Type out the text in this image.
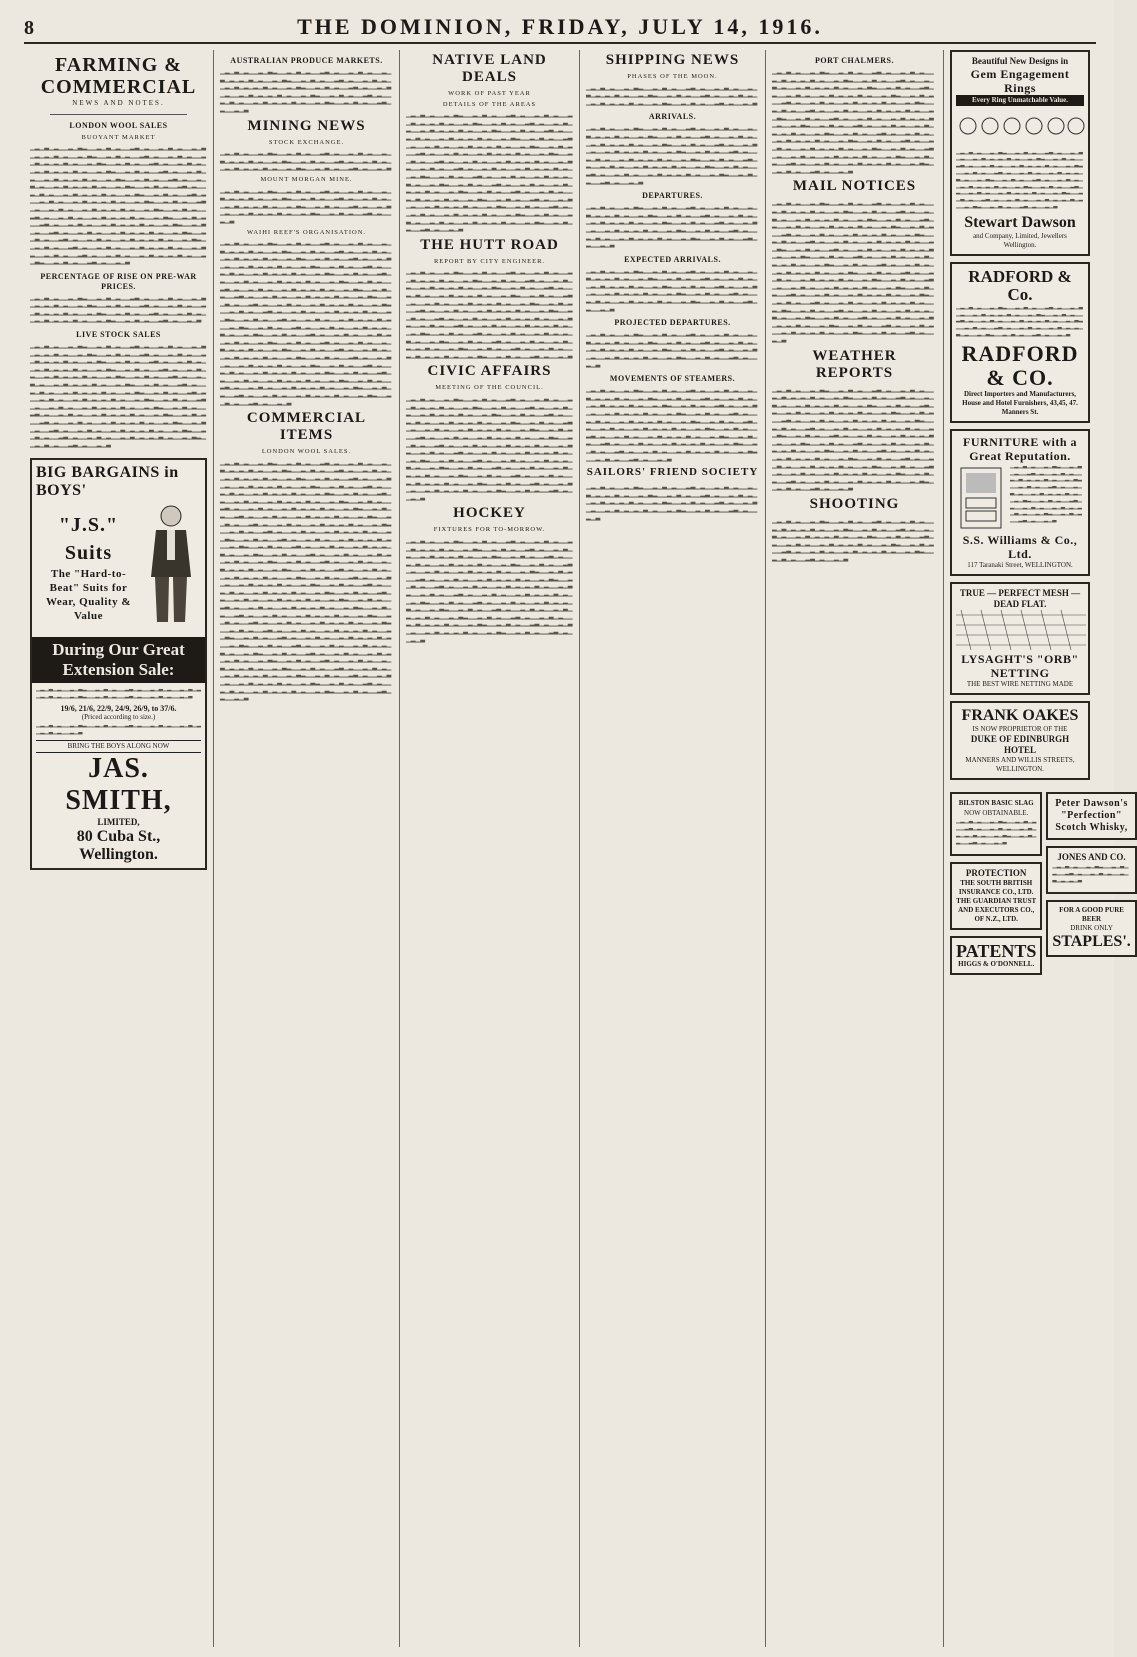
8	THE DOMINION, FRIDAY, JULY 14, 1916.
FARMING & COMMERCIAL
NEWS AND NOTES.
LONDON WOOL SALES
BUOYANT MARKET
▁▂▁▃▁▂▁▁▂▁▃▂▁▁▂▁▃▁▂▁▁▂▃▁▂▁▁▂▁▃▁▂▁▁▂▁▃▁▂▁▂▁▃▁▂▁▁▂▁▃▂▁▁▂▁▃▁▂▁▁▂▃▁▂▁▁▂▁▃▁▂▁▁▂▁▃▁▂▁▂▁▃▁▂▁▁▂▁▃▂▁▁▂▁▃▁▂▁▁▂▃▁▂▁▁▂▁▃▁▂▁▁▂▁▃▁▂▁▂▁▃▁▂▁▁▂▁▃▂▁▁▂▁▃▁▂▁▁▂▃▁▂▁▁▂▁▃▁▂▁▁▂▁▃▁▂▁▂▁▃▁▂▁▁▂▁▃▂▁▁▂▁▃▁▂▁▁▂▃▁▂▁▁▂▁▃▁▂▁▁▂▁▃▁▂▁▂▁▃▁▂▁▁▂▁▃▂▁▁▂▁▃▁▂▁▁▂▃▁▂▁▁▂▁▃▁▂▁▁▂▁▃▁▂▁▂▁▃▁▂▁▁▂▁▃▂▁▁▂▁▃▁▂▁▁▂▃▁▂▁▁▂▁▃▁▂▁▁▂▁▃▁▂▁▂▁▃▁▂▁▁▂▁▃▂▁▁▂▁▃▁▂▁▁▂▃▁▂▁▁▂▁▃▁▂▁▁▂▁▃▁▂▁▂▁▃▁▂▁▁▂▁▃▂▁▁▂▁▃▁▂▁▁▂▃▁▂▁▁▂▁▃▁▂▁▁▂▁▃▁▂▁▂▁▃▁▂▁▁▂▁▃▂▁▁▂▁▃▁▂▁▁▂▃▁▂▁▁▂▁▃▁▂▁▁▂▁▃▁▂▁▂▁▃▁▂▁▁▂▁▃▂▁▁▂▁▃▁▂▁▁▂▃▁▂▁▁▂▁▃▁▂▁▁▂▁▃▁▂▁▂▁▃▁▂▁▁▂▁▃▂▁▁▂▁▃▁▂▁▁▂▃▁▂▁▁▂▁▃▁▂▁▁▂▁▃▁▂▁▂▁▃▁▂▁▁▂▁▃▂▁▁▂▁▃▁▂▁▁▂▃▁▂▁▁▂▁▃▁▂▁▁▂▁▃▁▂▁▂▁▃▁▂▁▁▂▁▃▂▁▁▂▁▃▁▂▁▁▂▃▁▂▁▁▂▁▃▁▂▁▁▂▁▃▁▂▁▂▁▃▁▂▁▁▂▁▃▂▁▁▂▁▃▁▂▁▁▂▃▁▂▁▁▂▁▃
PERCENTAGE OF RISE ON PRE-WAR PRICES.
▁▂▁▃▁▂▁▁▂▁▃▂▁▁▂▁▃▁▂▁▁▂▃▁▂▁▁▂▁▃▁▂▁▁▂▁▃▁▂▁▂▁▃▁▂▁▁▂▁▃▂▁▁▂▁▃▁▂▁▁▂▃▁▂▁▁▂▁▃▁▂▁▁▂▁▃▁▂▁▂▁▃▁▂▁▁▂▁▃▂▁▁▂▁▃▁▂▁▁▂▃▁▂▁▁▂▁▃▁▂▁▁▂▁▃▁▂▁▂▁▃▁▂▁▁▂▁▃▂▁▁▂▁▃▁▂▁▁▂▃▁▂▁▁▂▁▃
LIVE STOCK SALES
▁▂▁▃▁▂▁▁▂▁▃▂▁▁▂▁▃▁▂▁▁▂▃▁▂▁▁▂▁▃▁▂▁▁▂▁▃▁▂▁▂▁▃▁▂▁▁▂▁▃▂▁▁▂▁▃▁▂▁▁▂▃▁▂▁▁▂▁▃▁▂▁▁▂▁▃▁▂▁▂▁▃▁▂▁▁▂▁▃▂▁▁▂▁▃▁▂▁▁▂▃▁▂▁▁▂▁▃▁▂▁▁▂▁▃▁▂▁▂▁▃▁▂▁▁▂▁▃▂▁▁▂▁▃▁▂▁▁▂▃▁▂▁▁▂▁▃▁▂▁▁▂▁▃▁▂▁▂▁▃▁▂▁▁▂▁▃▂▁▁▂▁▃▁▂▁▁▂▃▁▂▁▁▂▁▃▁▂▁▁▂▁▃▁▂▁▂▁▃▁▂▁▁▂▁▃▂▁▁▂▁▃▁▂▁▁▂▃▁▂▁▁▂▁▃▁▂▁▁▂▁▃▁▂▁▂▁▃▁▂▁▁▂▁▃▂▁▁▂▁▃▁▂▁▁▂▃▁▂▁▁▂▁▃▁▂▁▁▂▁▃▁▂▁▂▁▃▁▂▁▁▂▁▃▂▁▁▂▁▃▁▂▁▁▂▃▁▂▁▁▂▁▃▁▂▁▁▂▁▃▁▂▁▂▁▃▁▂▁▁▂▁▃▂▁▁▂▁▃▁▂▁▁▂▃▁▂▁▁▂▁▃▁▂▁▁▂▁▃▁▂▁▂▁▃▁▂▁▁▂▁▃▂▁▁▂▁▃▁▂▁▁▂▃▁▂▁▁▂▁▃▁▂▁▁▂▁▃▁▂▁▂▁▃▁▂▁▁▂▁▃▂▁▁▂▁▃▁▂▁▁▂▃▁▂▁▁▂▁▃▁▂▁▁▂▁▃▁▂▁▂▁▃▁▂▁▁▂▁▃▂▁▁▂▁▃▁▂▁▁▂▃▁▂▁▁▂▁▃▁▂▁▁▂▁▃▁▂▁▂▁▃▁▂▁▁▂▁▃▂▁▁▂▁▃▁▂▁▁▂▃▁▂▁▁▂▁▃
BIG BARGAINS in BOYS'
"J.S." Suits
The "Hard-to-Beat" Suits for Wear, Quality & Value
During Our Great Extension Sale:
▁▂▁▃▁▂▁▁▂▁▃▂▁▁▂▁▃▁▂▁▁▂▃▁▂▁▁▂▁▃▁▂▁▁▂▁▃▁▂▁▂▁▃▁▂▁▁▂▁▃▂▁▁▂▁▃▁▂▁▁▂▃▁▂▁▁▂▁▃▁▂▁▁▂▁▃
19/6, 21/6, 22/9, 24/9, 26/9, to 37/6.
(Priced according to size.)
▁▂▁▃▁▂▁▁▂▁▃▂▁▁▂▁▃▁▂▁▁▂▃▁▂▁▁▂▁▃▁▂▁▁▂▁▃▁▂▁▂▁▃▁▂▁▁▂▁▃
BRING THE BOYS ALONG NOW
JAS. SMITH,
LIMITED,
80 Cuba St., Wellington.
AUSTRALIAN PRODUCE MARKETS.
▁▂▁▃▁▂▁▁▂▁▃▂▁▁▂▁▃▁▂▁▁▂▃▁▂▁▁▂▁▃▁▂▁▁▂▁▃▁▂▁▂▁▃▁▂▁▁▂▁▃▂▁▁▂▁▃▁▂▁▁▂▃▁▂▁▁▂▁▃▁▂▁▁▂▁▃▁▂▁▂▁▃▁▂▁▁▂▁▃▂▁▁▂▁▃▁▂▁▁▂▃▁▂▁▁▂▁▃▁▂▁▁▂▁▃▁▂▁▂▁▃▁▂▁▁▂▁▃▂▁▁▂▁▃▁▂▁▁▂▃▁▂▁▁▂▁▃▁▂▁▁▂▁▃▁▂▁▂▁▃▁▂▁▁▂▁▃▂▁▁▂▁▃▁▂▁▁▂▃▁▂▁▁▂▁▃
MINING NEWS
STOCK EXCHANGE.
▁▂▁▃▁▂▁▁▂▁▃▂▁▁▂▁▃▁▂▁▁▂▃▁▂▁▁▂▁▃▁▂▁▁▂▁▃▁▂▁▂▁▃▁▂▁▁▂▁▃▂▁▁▂▁▃▁▂▁▁▂▃▁▂▁▁▂▁▃▁▂▁▁▂▁▃▁▂▁▂▁▃▁▂▁▁▂▁▃▂▁▁▂▁▃▁▂▁▁▂▃▁▂▁▁▂▁▃
MOUNT MORGAN MINE.
▁▂▁▃▁▂▁▁▂▁▃▂▁▁▂▁▃▁▂▁▁▂▃▁▂▁▁▂▁▃▁▂▁▁▂▁▃▁▂▁▂▁▃▁▂▁▁▂▁▃▂▁▁▂▁▃▁▂▁▁▂▃▁▂▁▁▂▁▃▁▂▁▁▂▁▃▁▂▁▂▁▃▁▂▁▁▂▁▃▂▁▁▂▁▃▁▂▁▁▂▃▁▂▁▁▂▁▃▁▂▁▁▂▁▃▁▂▁▂▁▃▁▂▁▁▂▁▃▂▁▁▂▁▃▁▂▁▁▂▃▁▂▁▁▂▁▃
WAIHI REEF'S ORGANISATION.
▁▂▁▃▁▂▁▁▂▁▃▂▁▁▂▁▃▁▂▁▁▂▃▁▂▁▁▂▁▃▁▂▁▁▂▁▃▁▂▁▂▁▃▁▂▁▁▂▁▃▂▁▁▂▁▃▁▂▁▁▂▃▁▂▁▁▂▁▃▁▂▁▁▂▁▃▁▂▁▂▁▃▁▂▁▁▂▁▃▂▁▁▂▁▃▁▂▁▁▂▃▁▂▁▁▂▁▃▁▂▁▁▂▁▃▁▂▁▂▁▃▁▂▁▁▂▁▃▂▁▁▂▁▃▁▂▁▁▂▃▁▂▁▁▂▁▃▁▂▁▁▂▁▃▁▂▁▂▁▃▁▂▁▁▂▁▃▂▁▁▂▁▃▁▂▁▁▂▃▁▂▁▁▂▁▃▁▂▁▁▂▁▃▁▂▁▂▁▃▁▂▁▁▂▁▃▂▁▁▂▁▃▁▂▁▁▂▃▁▂▁▁▂▁▃▁▂▁▁▂▁▃▁▂▁▂▁▃▁▂▁▁▂▁▃▂▁▁▂▁▃▁▂▁▁▂▃▁▂▁▁▂▁▃▁▂▁▁▂▁▃▁▂▁▂▁▃▁▂▁▁▂▁▃▂▁▁▂▁▃▁▂▁▁▂▃▁▂▁▁▂▁▃▁▂▁▁▂▁▃▁▂▁▂▁▃▁▂▁▁▂▁▃▂▁▁▂▁▃▁▂▁▁▂▃▁▂▁▁▂▁▃▁▂▁▁▂▁▃▁▂▁▂▁▃▁▂▁▁▂▁▃▂▁▁▂▁▃▁▂▁▁▂▃▁▂▁▁▂▁▃▁▂▁▁▂▁▃▁▂▁▂▁▃▁▂▁▁▂▁▃▂▁▁▂▁▃▁▂▁▁▂▃▁▂▁▁▂▁▃▁▂▁▁▂▁▃▁▂▁▂▁▃▁▂▁▁▂▁▃▂▁▁▂▁▃▁▂▁▁▂▃▁▂▁▁▂▁▃▁▂▁▁▂▁▃▁▂▁▂▁▃▁▂▁▁▂▁▃▂▁▁▂▁▃▁▂▁▁▂▃▁▂▁▁▂▁▃▁▂▁▁▂▁▃▁▂▁▂▁▃▁▂▁▁▂▁▃▂▁▁▂▁▃▁▂▁▁▂▃▁▂▁▁▂▁▃▁▂▁▁▂▁▃▁▂▁▂▁▃▁▂▁▁▂▁▃▂▁▁▂▁▃▁▂▁▁▂▃▁▂▁▁▂▁▃▁▂▁▁▂▁▃▁▂▁▂▁▃▁▂▁▁▂▁▃▂▁▁▂▁▃▁▂▁▁▂▃▁▂▁▁▂▁▃▁▂▁▁▂▁▃▁▂▁▂▁▃▁▂▁▁▂▁▃▂▁▁▂▁▃▁▂▁▁▂▃▁▂▁▁▂▁▃▁▂▁▁▂▁▃▁▂▁▂▁▃▁▂▁▁▂▁▃▂▁▁▂▁▃▁▂▁▁▂▃▁▂▁▁▂▁▃▁▂▁▁▂▁▃▁▂▁▂▁▃▁▂▁▁▂▁▃▂▁▁▂▁▃▁▂▁▁▂▃▁▂▁▁▂▁▃▁▂▁▁▂▁▃▁▂▁▂▁▃▁▂▁▁▂▁▃▂▁▁▂▁▃▁▂▁▁▂▃▁▂▁▁▂▁▃
COMMERCIAL ITEMS
LONDON WOOL SALES.
▁▂▁▃▁▂▁▁▂▁▃▂▁▁▂▁▃▁▂▁▁▂▃▁▂▁▁▂▁▃▁▂▁▁▂▁▃▁▂▁▂▁▃▁▂▁▁▂▁▃▂▁▁▂▁▃▁▂▁▁▂▃▁▂▁▁▂▁▃▁▂▁▁▂▁▃▁▂▁▂▁▃▁▂▁▁▂▁▃▂▁▁▂▁▃▁▂▁▁▂▃▁▂▁▁▂▁▃▁▂▁▁▂▁▃▁▂▁▂▁▃▁▂▁▁▂▁▃▂▁▁▂▁▃▁▂▁▁▂▃▁▂▁▁▂▁▃▁▂▁▁▂▁▃▁▂▁▂▁▃▁▂▁▁▂▁▃▂▁▁▂▁▃▁▂▁▁▂▃▁▂▁▁▂▁▃▁▂▁▁▂▁▃▁▂▁▂▁▃▁▂▁▁▂▁▃▂▁▁▂▁▃▁▂▁▁▂▃▁▂▁▁▂▁▃▁▂▁▁▂▁▃▁▂▁▂▁▃▁▂▁▁▂▁▃▂▁▁▂▁▃▁▂▁▁▂▃▁▂▁▁▂▁▃▁▂▁▁▂▁▃▁▂▁▂▁▃▁▂▁▁▂▁▃▂▁▁▂▁▃▁▂▁▁▂▃▁▂▁▁▂▁▃▁▂▁▁▂▁▃▁▂▁▂▁▃▁▂▁▁▂▁▃▂▁▁▂▁▃▁▂▁▁▂▃▁▂▁▁▂▁▃▁▂▁▁▂▁▃▁▂▁▂▁▃▁▂▁▁▂▁▃▂▁▁▂▁▃▁▂▁▁▂▃▁▂▁▁▂▁▃▁▂▁▁▂▁▃▁▂▁▂▁▃▁▂▁▁▂▁▃▂▁▁▂▁▃▁▂▁▁▂▃▁▂▁▁▂▁▃▁▂▁▁▂▁▃▁▂▁▂▁▃▁▂▁▁▂▁▃▂▁▁▂▁▃▁▂▁▁▂▃▁▂▁▁▂▁▃▁▂▁▁▂▁▃▁▂▁▂▁▃▁▂▁▁▂▁▃▂▁▁▂▁▃▁▂▁▁▂▃▁▂▁▁▂▁▃▁▂▁▁▂▁▃▁▂▁▂▁▃▁▂▁▁▂▁▃▂▁▁▂▁▃▁▂▁▁▂▃▁▂▁▁▂▁▃▁▂▁▁▂▁▃▁▂▁▂▁▃▁▂▁▁▂▁▃▂▁▁▂▁▃▁▂▁▁▂▃▁▂▁▁▂▁▃▁▂▁▁▂▁▃▁▂▁▂▁▃▁▂▁▁▂▁▃▂▁▁▂▁▃▁▂▁▁▂▃▁▂▁▁▂▁▃▁▂▁▁▂▁▃▁▂▁▂▁▃▁▂▁▁▂▁▃▂▁▁▂▁▃▁▂▁▁▂▃▁▂▁▁▂▁▃▁▂▁▁▂▁▃▁▂▁▂▁▃▁▂▁▁▂▁▃▂▁▁▂▁▃▁▂▁▁▂▃▁▂▁▁▂▁▃▁▂▁▁▂▁▃▁▂▁▂▁▃▁▂▁▁▂▁▃▂▁▁▂▁▃▁▂▁▁▂▃▁▂▁▁▂▁▃▁▂▁▁▂▁▃▁▂▁▂▁▃▁▂▁▁▂▁▃▂▁▁▂▁▃▁▂▁▁▂▃▁▂▁▁▂▁▃▁▂▁▁▂▁▃▁▂▁▂▁▃▁▂▁▁▂▁▃▂▁▁▂▁▃▁▂▁▁▂▃▁▂▁▁▂▁▃▁▂▁▁▂▁▃▁▂▁▂▁▃▁▂▁▁▂▁▃▂▁▁▂▁▃▁▂▁▁▂▃▁▂▁▁▂▁▃▁▂▁▁▂▁▃▁▂▁▂▁▃▁▂▁▁▂▁▃▂▁▁▂▁▃▁▂▁▁▂▃▁▂▁▁▂▁▃▁▂▁▁▂▁▃▁▂▁▂▁▃▁▂▁▁▂▁▃▂▁▁▂▁▃▁▂▁▁▂▃▁▂▁▁▂▁▃▁▂▁▁▂▁▃▁▂▁▂▁▃▁▂▁▁▂▁▃▂▁▁▂▁▃▁▂▁▁▂▃▁▂▁▁▂▁▃▁▂▁▁▂▁▃▁▂▁▂▁▃▁▂▁▁▂▁▃▂▁▁▂▁▃▁▂▁▁▂▃▁▂▁▁▂▁▃▁▂▁▁▂▁▃▁▂▁▂▁▃▁▂▁▁▂▁▃▂▁▁▂▁▃▁▂▁▁▂▃▁▂▁▁▂▁▃▁▂▁▁▂▁▃▁▂▁▂▁▃▁▂▁▁▂▁▃▂▁▁▂▁▃▁▂▁▁▂▃▁▂▁▁▂▁▃▁▂▁▁▂▁▃▁▂▁▂▁▃▁▂▁▁▂▁▃▂▁▁▂▁▃▁▂▁▁▂▃▁▂▁▁▂▁▃
NATIVE LAND DEALS
WORK OF PAST YEAR
DETAILS OF THE AREAS
▁▂▁▃▁▂▁▁▂▁▃▂▁▁▂▁▃▁▂▁▁▂▃▁▂▁▁▂▁▃▁▂▁▁▂▁▃▁▂▁▂▁▃▁▂▁▁▂▁▃▂▁▁▂▁▃▁▂▁▁▂▃▁▂▁▁▂▁▃▁▂▁▁▂▁▃▁▂▁▂▁▃▁▂▁▁▂▁▃▂▁▁▂▁▃▁▂▁▁▂▃▁▂▁▁▂▁▃▁▂▁▁▂▁▃▁▂▁▂▁▃▁▂▁▁▂▁▃▂▁▁▂▁▃▁▂▁▁▂▃▁▂▁▁▂▁▃▁▂▁▁▂▁▃▁▂▁▂▁▃▁▂▁▁▂▁▃▂▁▁▂▁▃▁▂▁▁▂▃▁▂▁▁▂▁▃▁▂▁▁▂▁▃▁▂▁▂▁▃▁▂▁▁▂▁▃▂▁▁▂▁▃▁▂▁▁▂▃▁▂▁▁▂▁▃▁▂▁▁▂▁▃▁▂▁▂▁▃▁▂▁▁▂▁▃▂▁▁▂▁▃▁▂▁▁▂▃▁▂▁▁▂▁▃▁▂▁▁▂▁▃▁▂▁▂▁▃▁▂▁▁▂▁▃▂▁▁▂▁▃▁▂▁▁▂▃▁▂▁▁▂▁▃▁▂▁▁▂▁▃▁▂▁▂▁▃▁▂▁▁▂▁▃▂▁▁▂▁▃▁▂▁▁▂▃▁▂▁▁▂▁▃▁▂▁▁▂▁▃▁▂▁▂▁▃▁▂▁▁▂▁▃▂▁▁▂▁▃▁▂▁▁▂▃▁▂▁▁▂▁▃▁▂▁▁▂▁▃▁▂▁▂▁▃▁▂▁▁▂▁▃▂▁▁▂▁▃▁▂▁▁▂▃▁▂▁▁▂▁▃▁▂▁▁▂▁▃▁▂▁▂▁▃▁▂▁▁▂▁▃▂▁▁▂▁▃▁▂▁▁▂▃▁▂▁▁▂▁▃▁▂▁▁▂▁▃▁▂▁▂▁▃▁▂▁▁▂▁▃▂▁▁▂▁▃▁▂▁▁▂▃▁▂▁▁▂▁▃▁▂▁▁▂▁▃▁▂▁▂▁▃▁▂▁▁▂▁▃▂▁▁▂▁▃▁▂▁▁▂▃▁▂▁▁▂▁▃
THE HUTT ROAD
REPORT BY CITY ENGINEER.
▁▂▁▃▁▂▁▁▂▁▃▂▁▁▂▁▃▁▂▁▁▂▃▁▂▁▁▂▁▃▁▂▁▁▂▁▃▁▂▁▂▁▃▁▂▁▁▂▁▃▂▁▁▂▁▃▁▂▁▁▂▃▁▂▁▁▂▁▃▁▂▁▁▂▁▃▁▂▁▂▁▃▁▂▁▁▂▁▃▂▁▁▂▁▃▁▂▁▁▂▃▁▂▁▁▂▁▃▁▂▁▁▂▁▃▁▂▁▂▁▃▁▂▁▁▂▁▃▂▁▁▂▁▃▁▂▁▁▂▃▁▂▁▁▂▁▃▁▂▁▁▂▁▃▁▂▁▂▁▃▁▂▁▁▂▁▃▂▁▁▂▁▃▁▂▁▁▂▃▁▂▁▁▂▁▃▁▂▁▁▂▁▃▁▂▁▂▁▃▁▂▁▁▂▁▃▂▁▁▂▁▃▁▂▁▁▂▃▁▂▁▁▂▁▃▁▂▁▁▂▁▃▁▂▁▂▁▃▁▂▁▁▂▁▃▂▁▁▂▁▃▁▂▁▁▂▃▁▂▁▁▂▁▃▁▂▁▁▂▁▃▁▂▁▂▁▃▁▂▁▁▂▁▃▂▁▁▂▁▃▁▂▁▁▂▃▁▂▁▁▂▁▃▁▂▁▁▂▁▃▁▂▁▂▁▃▁▂▁▁▂▁▃▂▁▁▂▁▃▁▂▁▁▂▃▁▂▁▁▂▁▃▁▂▁▁▂▁▃▁▂▁▂▁▃▁▂▁▁▂▁▃▂▁▁▂▁▃▁▂▁▁▂▃▁▂▁▁▂▁▃▁▂▁▁▂▁▃▁▂▁▂▁▃▁▂▁▁▂▁▃▂▁▁▂▁▃▁▂▁▁▂▃▁▂▁▁▂▁▃
CIVIC AFFAIRS
MEETING OF THE COUNCIL.
▁▂▁▃▁▂▁▁▂▁▃▂▁▁▂▁▃▁▂▁▁▂▃▁▂▁▁▂▁▃▁▂▁▁▂▁▃▁▂▁▂▁▃▁▂▁▁▂▁▃▂▁▁▂▁▃▁▂▁▁▂▃▁▂▁▁▂▁▃▁▂▁▁▂▁▃▁▂▁▂▁▃▁▂▁▁▂▁▃▂▁▁▂▁▃▁▂▁▁▂▃▁▂▁▁▂▁▃▁▂▁▁▂▁▃▁▂▁▂▁▃▁▂▁▁▂▁▃▂▁▁▂▁▃▁▂▁▁▂▃▁▂▁▁▂▁▃▁▂▁▁▂▁▃▁▂▁▂▁▃▁▂▁▁▂▁▃▂▁▁▂▁▃▁▂▁▁▂▃▁▂▁▁▂▁▃▁▂▁▁▂▁▃▁▂▁▂▁▃▁▂▁▁▂▁▃▂▁▁▂▁▃▁▂▁▁▂▃▁▂▁▁▂▁▃▁▂▁▁▂▁▃▁▂▁▂▁▃▁▂▁▁▂▁▃▂▁▁▂▁▃▁▂▁▁▂▃▁▂▁▁▂▁▃▁▂▁▁▂▁▃▁▂▁▂▁▃▁▂▁▁▂▁▃▂▁▁▂▁▃▁▂▁▁▂▃▁▂▁▁▂▁▃▁▂▁▁▂▁▃▁▂▁▂▁▃▁▂▁▁▂▁▃▂▁▁▂▁▃▁▂▁▁▂▃▁▂▁▁▂▁▃▁▂▁▁▂▁▃▁▂▁▂▁▃▁▂▁▁▂▁▃▂▁▁▂▁▃▁▂▁▁▂▃▁▂▁▁▂▁▃▁▂▁▁▂▁▃▁▂▁▂▁▃▁▂▁▁▂▁▃▂▁▁▂▁▃▁▂▁▁▂▃▁▂▁▁▂▁▃▁▂▁▁▂▁▃▁▂▁▂▁▃▁▂▁▁▂▁▃▂▁▁▂▁▃▁▂▁▁▂▃▁▂▁▁▂▁▃
HOCKEY
FIXTURES FOR TO-MORROW.
▁▂▁▃▁▂▁▁▂▁▃▂▁▁▂▁▃▁▂▁▁▂▃▁▂▁▁▂▁▃▁▂▁▁▂▁▃▁▂▁▂▁▃▁▂▁▁▂▁▃▂▁▁▂▁▃▁▂▁▁▂▃▁▂▁▁▂▁▃▁▂▁▁▂▁▃▁▂▁▂▁▃▁▂▁▁▂▁▃▂▁▁▂▁▃▁▂▁▁▂▃▁▂▁▁▂▁▃▁▂▁▁▂▁▃▁▂▁▂▁▃▁▂▁▁▂▁▃▂▁▁▂▁▃▁▂▁▁▂▃▁▂▁▁▂▁▃▁▂▁▁▂▁▃▁▂▁▂▁▃▁▂▁▁▂▁▃▂▁▁▂▁▃▁▂▁▁▂▃▁▂▁▁▂▁▃▁▂▁▁▂▁▃▁▂▁▂▁▃▁▂▁▁▂▁▃▂▁▁▂▁▃▁▂▁▁▂▃▁▂▁▁▂▁▃▁▂▁▁▂▁▃▁▂▁▂▁▃▁▂▁▁▂▁▃▂▁▁▂▁▃▁▂▁▁▂▃▁▂▁▁▂▁▃▁▂▁▁▂▁▃▁▂▁▂▁▃▁▂▁▁▂▁▃▂▁▁▂▁▃▁▂▁▁▂▃▁▂▁▁▂▁▃▁▂▁▁▂▁▃▁▂▁▂▁▃▁▂▁▁▂▁▃▂▁▁▂▁▃▁▂▁▁▂▃▁▂▁▁▂▁▃▁▂▁▁▂▁▃▁▂▁▂▁▃▁▂▁▁▂▁▃▂▁▁▂▁▃▁▂▁▁▂▃▁▂▁▁▂▁▃▁▂▁▁▂▁▃▁▂▁▂▁▃▁▂▁▁▂▁▃▂▁▁▂▁▃▁▂▁▁▂▃▁▂▁▁▂▁▃▁▂▁▁▂▁▃▁▂▁▂▁▃▁▂▁▁▂▁▃▂▁▁▂▁▃▁▂▁▁▂▃▁▂▁▁▂▁▃
SHIPPING NEWS
PHASES OF THE MOON.
▁▂▁▃▁▂▁▁▂▁▃▂▁▁▂▁▃▁▂▁▁▂▃▁▂▁▁▂▁▃▁▂▁▁▂▁▃▁▂▁▂▁▃▁▂▁▁▂▁▃▂▁▁▂▁▃▁▂▁▁▂▃▁▂▁▁▂▁▃▁▂▁▁▂▁▃▁▂▁▂▁▃▁▂▁▁▂▁▃▂▁▁▂▁▃▁▂▁▁▂▃▁▂▁▁▂▁▃
ARRIVALS.
▁▂▁▃▁▂▁▁▂▁▃▂▁▁▂▁▃▁▂▁▁▂▃▁▂▁▁▂▁▃▁▂▁▁▂▁▃▁▂▁▂▁▃▁▂▁▁▂▁▃▂▁▁▂▁▃▁▂▁▁▂▃▁▂▁▁▂▁▃▁▂▁▁▂▁▃▁▂▁▂▁▃▁▂▁▁▂▁▃▂▁▁▂▁▃▁▂▁▁▂▃▁▂▁▁▂▁▃▁▂▁▁▂▁▃▁▂▁▂▁▃▁▂▁▁▂▁▃▂▁▁▂▁▃▁▂▁▁▂▃▁▂▁▁▂▁▃▁▂▁▁▂▁▃▁▂▁▂▁▃▁▂▁▁▂▁▃▂▁▁▂▁▃▁▂▁▁▂▃▁▂▁▁▂▁▃▁▂▁▁▂▁▃▁▂▁▂▁▃▁▂▁▁▂▁▃▂▁▁▂▁▃▁▂▁▁▂▃▁▂▁▁▂▁▃▁▂▁▁▂▁▃▁▂▁▂▁▃▁▂▁▁▂▁▃▂▁▁▂▁▃▁▂▁▁▂▃▁▂▁▁▂▁▃
DEPARTURES.
▁▂▁▃▁▂▁▁▂▁▃▂▁▁▂▁▃▁▂▁▁▂▃▁▂▁▁▂▁▃▁▂▁▁▂▁▃▁▂▁▂▁▃▁▂▁▁▂▁▃▂▁▁▂▁▃▁▂▁▁▂▃▁▂▁▁▂▁▃▁▂▁▁▂▁▃▁▂▁▂▁▃▁▂▁▁▂▁▃▂▁▁▂▁▃▁▂▁▁▂▃▁▂▁▁▂▁▃▁▂▁▁▂▁▃▁▂▁▂▁▃▁▂▁▁▂▁▃▂▁▁▂▁▃▁▂▁▁▂▃▁▂▁▁▂▁▃▁▂▁▁▂▁▃▁▂▁▂▁▃▁▂▁▁▂▁▃▂▁▁▂▁▃▁▂▁▁▂▃▁▂▁▁▂▁▃
EXPECTED ARRIVALS.
▁▂▁▃▁▂▁▁▂▁▃▂▁▁▂▁▃▁▂▁▁▂▃▁▂▁▁▂▁▃▁▂▁▁▂▁▃▁▂▁▂▁▃▁▂▁▁▂▁▃▂▁▁▂▁▃▁▂▁▁▂▃▁▂▁▁▂▁▃▁▂▁▁▂▁▃▁▂▁▂▁▃▁▂▁▁▂▁▃▂▁▁▂▁▃▁▂▁▁▂▃▁▂▁▁▂▁▃▁▂▁▁▂▁▃▁▂▁▂▁▃▁▂▁▁▂▁▃▂▁▁▂▁▃▁▂▁▁▂▃▁▂▁▁▂▁▃▁▂▁▁▂▁▃▁▂▁▂▁▃▁▂▁▁▂▁▃▂▁▁▂▁▃▁▂▁▁▂▃▁▂▁▁▂▁▃
PROJECTED DEPARTURES.
▁▂▁▃▁▂▁▁▂▁▃▂▁▁▂▁▃▁▂▁▁▂▃▁▂▁▁▂▁▃▁▂▁▁▂▁▃▁▂▁▂▁▃▁▂▁▁▂▁▃▂▁▁▂▁▃▁▂▁▁▂▃▁▂▁▁▂▁▃▁▂▁▁▂▁▃▁▂▁▂▁▃▁▂▁▁▂▁▃▂▁▁▂▁▃▁▂▁▁▂▃▁▂▁▁▂▁▃▁▂▁▁▂▁▃▁▂▁▂▁▃▁▂▁▁▂▁▃▂▁▁▂▁▃▁▂▁▁▂▃▁▂▁▁▂▁▃
MOVEMENTS OF STEAMERS.
▁▂▁▃▁▂▁▁▂▁▃▂▁▁▂▁▃▁▂▁▁▂▃▁▂▁▁▂▁▃▁▂▁▁▂▁▃▁▂▁▂▁▃▁▂▁▁▂▁▃▂▁▁▂▁▃▁▂▁▁▂▃▁▂▁▁▂▁▃▁▂▁▁▂▁▃▁▂▁▂▁▃▁▂▁▁▂▁▃▂▁▁▂▁▃▁▂▁▁▂▃▁▂▁▁▂▁▃▁▂▁▁▂▁▃▁▂▁▂▁▃▁▂▁▁▂▁▃▂▁▁▂▁▃▁▂▁▁▂▃▁▂▁▁▂▁▃▁▂▁▁▂▁▃▁▂▁▂▁▃▁▂▁▁▂▁▃▂▁▁▂▁▃▁▂▁▁▂▃▁▂▁▁▂▁▃▁▂▁▁▂▁▃▁▂▁▂▁▃▁▂▁▁▂▁▃▂▁▁▂▁▃▁▂▁▁▂▃▁▂▁▁▂▁▃▁▂▁▁▂▁▃▁▂▁▂▁▃▁▂▁▁▂▁▃▂▁▁▂▁▃▁▂▁▁▂▃▁▂▁▁▂▁▃▁▂▁▁▂▁▃▁▂▁▂▁▃▁▂▁▁▂▁▃▂▁▁▂▁▃▁▂▁▁▂▃▁▂▁▁▂▁▃▁▂▁▁▂▁▃▁▂▁▂▁▃▁▂▁▁▂▁▃▂▁▁▂▁▃▁▂▁▁▂▃▁▂▁▁▂▁▃
SAILORS' FRIEND SOCIETY
▁▂▁▃▁▂▁▁▂▁▃▂▁▁▂▁▃▁▂▁▁▂▃▁▂▁▁▂▁▃▁▂▁▁▂▁▃▁▂▁▂▁▃▁▂▁▁▂▁▃▂▁▁▂▁▃▁▂▁▁▂▃▁▂▁▁▂▁▃▁▂▁▁▂▁▃▁▂▁▂▁▃▁▂▁▁▂▁▃▂▁▁▂▁▃▁▂▁▁▂▃▁▂▁▁▂▁▃▁▂▁▁▂▁▃▁▂▁▂▁▃▁▂▁▁▂▁▃▂▁▁▂▁▃▁▂▁▁▂▃▁▂▁▁▂▁▃
PORT CHALMERS.
▁▂▁▃▁▂▁▁▂▁▃▂▁▁▂▁▃▁▂▁▁▂▃▁▂▁▁▂▁▃▁▂▁▁▂▁▃▁▂▁▂▁▃▁▂▁▁▂▁▃▂▁▁▂▁▃▁▂▁▁▂▃▁▂▁▁▂▁▃▁▂▁▁▂▁▃▁▂▁▂▁▃▁▂▁▁▂▁▃▂▁▁▂▁▃▁▂▁▁▂▃▁▂▁▁▂▁▃▁▂▁▁▂▁▃▁▂▁▂▁▃▁▂▁▁▂▁▃▂▁▁▂▁▃▁▂▁▁▂▃▁▂▁▁▂▁▃▁▂▁▁▂▁▃▁▂▁▂▁▃▁▂▁▁▂▁▃▂▁▁▂▁▃▁▂▁▁▂▃▁▂▁▁▂▁▃▁▂▁▁▂▁▃▁▂▁▂▁▃▁▂▁▁▂▁▃▂▁▁▂▁▃▁▂▁▁▂▃▁▂▁▁▂▁▃▁▂▁▁▂▁▃▁▂▁▂▁▃▁▂▁▁▂▁▃▂▁▁▂▁▃▁▂▁▁▂▃▁▂▁▁▂▁▃▁▂▁▁▂▁▃▁▂▁▂▁▃▁▂▁▁▂▁▃▂▁▁▂▁▃▁▂▁▁▂▃▁▂▁▁▂▁▃▁▂▁▁▂▁▃▁▂▁▂▁▃▁▂▁▁▂▁▃▂▁▁▂▁▃▁▂▁▁▂▃▁▂▁▁▂▁▃▁▂▁▁▂▁▃▁▂▁▂▁▃▁▂▁▁▂▁▃▂▁▁▂▁▃▁▂▁▁▂▃▁▂▁▁▂▁▃▁▂▁▁▂▁▃▁▂▁▂▁▃▁▂▁▁▂▁▃▂▁▁▂▁▃▁▂▁▁▂▃▁▂▁▁▂▁▃▁▂▁▁▂▁▃▁▂▁▂▁▃▁▂▁▁▂▁▃▂▁▁▂▁▃▁▂▁▁▂▃▁▂▁▁▂▁▃
MAIL NOTICES
▁▂▁▃▁▂▁▁▂▁▃▂▁▁▂▁▃▁▂▁▁▂▃▁▂▁▁▂▁▃▁▂▁▁▂▁▃▁▂▁▂▁▃▁▂▁▁▂▁▃▂▁▁▂▁▃▁▂▁▁▂▃▁▂▁▁▂▁▃▁▂▁▁▂▁▃▁▂▁▂▁▃▁▂▁▁▂▁▃▂▁▁▂▁▃▁▂▁▁▂▃▁▂▁▁▂▁▃▁▂▁▁▂▁▃▁▂▁▂▁▃▁▂▁▁▂▁▃▂▁▁▂▁▃▁▂▁▁▂▃▁▂▁▁▂▁▃▁▂▁▁▂▁▃▁▂▁▂▁▃▁▂▁▁▂▁▃▂▁▁▂▁▃▁▂▁▁▂▃▁▂▁▁▂▁▃▁▂▁▁▂▁▃▁▂▁▂▁▃▁▂▁▁▂▁▃▂▁▁▂▁▃▁▂▁▁▂▃▁▂▁▁▂▁▃▁▂▁▁▂▁▃▁▂▁▂▁▃▁▂▁▁▂▁▃▂▁▁▂▁▃▁▂▁▁▂▃▁▂▁▁▂▁▃▁▂▁▁▂▁▃▁▂▁▂▁▃▁▂▁▁▂▁▃▂▁▁▂▁▃▁▂▁▁▂▃▁▂▁▁▂▁▃▁▂▁▁▂▁▃▁▂▁▂▁▃▁▂▁▁▂▁▃▂▁▁▂▁▃▁▂▁▁▂▃▁▂▁▁▂▁▃▁▂▁▁▂▁▃▁▂▁▂▁▃▁▂▁▁▂▁▃▂▁▁▂▁▃▁▂▁▁▂▃▁▂▁▁▂▁▃▁▂▁▁▂▁▃▁▂▁▂▁▃▁▂▁▁▂▁▃▂▁▁▂▁▃▁▂▁▁▂▃▁▂▁▁▂▁▃▁▂▁▁▂▁▃▁▂▁▂▁▃▁▂▁▁▂▁▃▂▁▁▂▁▃▁▂▁▁▂▃▁▂▁▁▂▁▃▁▂▁▁▂▁▃▁▂▁▂▁▃▁▂▁▁▂▁▃▂▁▁▂▁▃▁▂▁▁▂▃▁▂▁▁▂▁▃▁▂▁▁▂▁▃▁▂▁▂▁▃▁▂▁▁▂▁▃▂▁▁▂▁▃▁▂▁▁▂▃▁▂▁▁▂▁▃▁▂▁▁▂▁▃▁▂▁▂▁▃▁▂▁▁▂▁▃▂▁▁▂▁▃▁▂▁▁▂▃▁▂▁▁▂▁▃▁▂▁▁▂▁▃▁▂▁▂▁▃▁▂▁▁▂▁▃▂▁▁▂▁▃▁▂▁▁▂▃▁▂▁▁▂▁▃
WEATHER REPORTS
▁▂▁▃▁▂▁▁▂▁▃▂▁▁▂▁▃▁▂▁▁▂▃▁▂▁▁▂▁▃▁▂▁▁▂▁▃▁▂▁▂▁▃▁▂▁▁▂▁▃▂▁▁▂▁▃▁▂▁▁▂▃▁▂▁▁▂▁▃▁▂▁▁▂▁▃▁▂▁▂▁▃▁▂▁▁▂▁▃▂▁▁▂▁▃▁▂▁▁▂▃▁▂▁▁▂▁▃▁▂▁▁▂▁▃▁▂▁▂▁▃▁▂▁▁▂▁▃▂▁▁▂▁▃▁▂▁▁▂▃▁▂▁▁▂▁▃▁▂▁▁▂▁▃▁▂▁▂▁▃▁▂▁▁▂▁▃▂▁▁▂▁▃▁▂▁▁▂▃▁▂▁▁▂▁▃▁▂▁▁▂▁▃▁▂▁▂▁▃▁▂▁▁▂▁▃▂▁▁▂▁▃▁▂▁▁▂▃▁▂▁▁▂▁▃▁▂▁▁▂▁▃▁▂▁▂▁▃▁▂▁▁▂▁▃▂▁▁▂▁▃▁▂▁▁▂▃▁▂▁▁▂▁▃▁▂▁▁▂▁▃▁▂▁▂▁▃▁▂▁▁▂▁▃▂▁▁▂▁▃▁▂▁▁▂▃▁▂▁▁▂▁▃▁▂▁▁▂▁▃▁▂▁▂▁▃▁▂▁▁▂▁▃▂▁▁▂▁▃▁▂▁▁▂▃▁▂▁▁▂▁▃▁▂▁▁▂▁▃▁▂▁▂▁▃▁▂▁▁▂▁▃▂▁▁▂▁▃▁▂▁▁▂▃▁▂▁▁▂▁▃▁▂▁▁▂▁▃▁▂▁▂▁▃▁▂▁▁▂▁▃▂▁▁▂▁▃▁▂▁▁▂▃▁▂▁▁▂▁▃▁▂▁▁▂▁▃▁▂▁▂▁▃▁▂▁▁▂▁▃▂▁▁▂▁▃▁▂▁▁▂▃▁▂▁▁▂▁▃
SHOOTING
▁▂▁▃▁▂▁▁▂▁▃▂▁▁▂▁▃▁▂▁▁▂▃▁▂▁▁▂▁▃▁▂▁▁▂▁▃▁▂▁▂▁▃▁▂▁▁▂▁▃▂▁▁▂▁▃▁▂▁▁▂▃▁▂▁▁▂▁▃▁▂▁▁▂▁▃▁▂▁▂▁▃▁▂▁▁▂▁▃▂▁▁▂▁▃▁▂▁▁▂▃▁▂▁▁▂▁▃▁▂▁▁▂▁▃▁▂▁▂▁▃▁▂▁▁▂▁▃▂▁▁▂▁▃▁▂▁▁▂▃▁▂▁▁▂▁▃▁▂▁▁▂▁▃▁▂▁▂▁▃▁▂▁▁▂▁▃▂▁▁▂▁▃▁▂▁▁▂▃▁▂▁▁▂▁▃
Beautiful New Designs in
Gem Engagement Rings
Every Ring Unmatchable Value.
▁▂▁▃▁▂▁▁▂▁▃▂▁▁▂▁▃▁▂▁▁▂▃▁▂▁▁▂▁▃▁▂▁▁▂▁▃▁▂▁▂▁▃▁▂▁▁▂▁▃▂▁▁▂▁▃▁▂▁▁▂▃▁▂▁▁▂▁▃▁▂▁▁▂▁▃▁▂▁▂▁▃▁▂▁▁▂▁▃▂▁▁▂▁▃▁▂▁▁▂▃▁▂▁▁▂▁▃▁▂▁▁▂▁▃▁▂▁▂▁▃▁▂▁▁▂▁▃▂▁▁▂▁▃▁▂▁▁▂▃▁▂▁▁▂▁▃▁▂▁▁▂▁▃▁▂▁▂▁▃▁▂▁▁▂▁▃▂▁▁▂▁▃▁▂▁▁▂▃▁▂▁▁▂▁▃▁▂▁▁▂▁▃▁▂▁▂▁▃▁▂▁▁▂▁▃▂▁▁▂▁▃▁▂▁▁▂▃▁▂▁▁▂▁▃▁▂▁▁▂▁▃▁▂▁▂▁▃▁▂▁▁▂▁▃▂▁▁▂▁▃▁▂▁▁▂▃▁▂▁▁▂▁▃
Stewart Dawson
and Company, Limited, Jewellers Wellington.
RADFORD & Co.
▁▂▁▃▁▂▁▁▂▁▃▂▁▁▂▁▃▁▂▁▁▂▃▁▂▁▁▂▁▃▁▂▁▁▂▁▃▁▂▁▂▁▃▁▂▁▁▂▁▃▂▁▁▂▁▃▁▂▁▁▂▃▁▂▁▁▂▁▃▁▂▁▁▂▁▃▁▂▁▂▁▃▁▂▁▁▂▁▃▂▁▁▂▁▃▁▂▁▁▂▃▁▂▁▁▂▁▃▁▂▁▁▂▁▃▁▂▁▂▁▃▁▂▁▁▂▁▃▂▁▁▂▁▃▁▂▁▁▂▃▁▂▁▁▂▁▃
RADFORD & CO.
Direct Importers and Manufacturers, House and Hotel Furnishers, 43,45, 47. Manners St.
FURNITURE with a Great Reputation.
▁▂▁▃▁▂▁▁▂▁▃▂▁▁▂▁▃▁▂▁▁▂▃▁▂▁▁▂▁▃▁▂▁▁▂▁▃▁▂▁▂▁▃▁▂▁▁▂▁▃▂▁▁▂▁▃▁▂▁▁▂▃▁▂▁▁▂▁▃▁▂▁▁▂▁▃▁▂▁▂▁▃▁▂▁▁▂▁▃▂▁▁▂▁▃▁▂▁▁▂▃▁▂▁▁▂▁▃▁▂▁▁▂▁▃▁▂▁▂▁▃▁▂▁▁▂▁▃▂▁▁▂▁▃▁▂▁▁▂▃▁▂▁▁▂▁▃
S.S. Williams & Co., Ltd.
117 Taranaki Street, WELLINGTON.
TRUE — PERFECT MESH — DEAD FLAT.
LYSAGHT'S "ORB" NETTING
THE BEST WIRE NETTING MADE
FRANK OAKES
IS NOW PROPRIETOR OF THE
DUKE OF EDINBURGH HOTEL
MANNERS AND WILLIS STREETS, WELLINGTON.
BILSTON BASIC SLAG
NOW OBTAINABLE.
▁▂▁▃▁▂▁▁▂▁▃▂▁▁▂▁▃▁▂▁▁▂▃▁▂▁▁▂▁▃▁▂▁▁▂▁▃▁▂▁▂▁▃▁▂▁▁▂▁▃▂▁▁▂▁▃▁▂▁▁▂▃▁▂▁▁▂▁▃
PROTECTION
THE SOUTH BRITISH INSURANCE CO., LTD.
THE GUARDIAN TRUST AND EXECUTORS CO., OF N.Z., LTD.
PATENTS
HIGGS & O'DONNELL.
Peter Dawson's "Perfection" Scotch Whisky,
JONES AND CO.
▁▂▁▃▁▂▁▁▂▁▃▂▁▁▂▁▃▁▂▁▁▂▃▁▂▁▁▂▁▃▁▂▁▁▂▁▃▁▂▁▂▁▃
FOR A GOOD PURE BEER
DRINK ONLY
STAPLES'.
